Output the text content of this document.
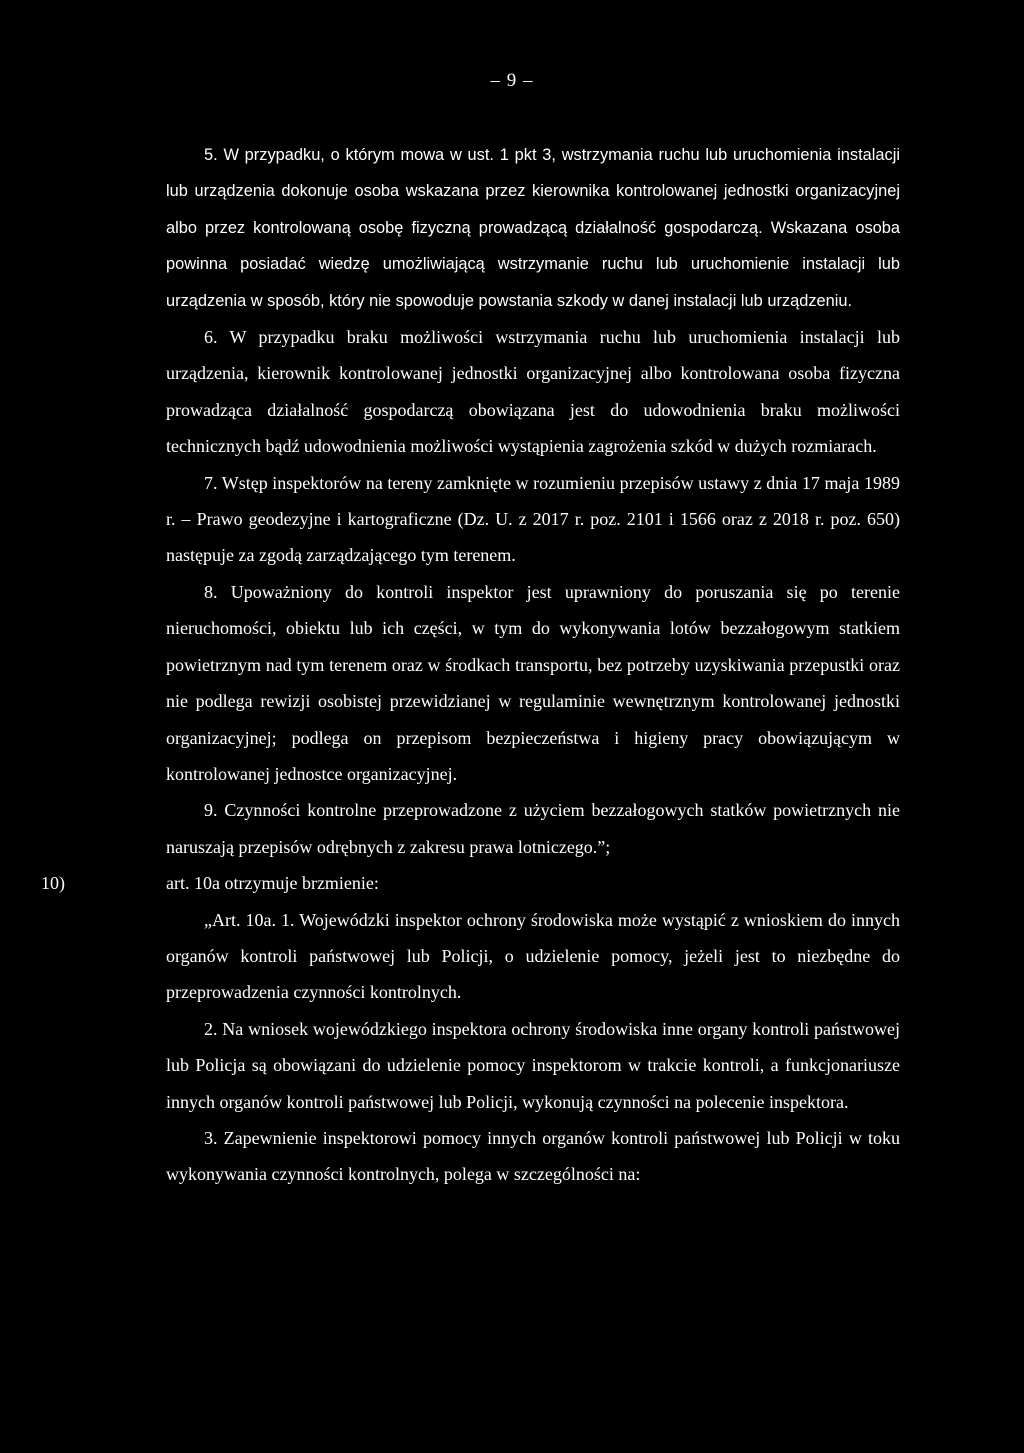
– 9 –

5. W przypadku, o którym mowa w ust. 1 pkt 3, wstrzymania ruchu lub uruchomienia instalacji lub urządzenia dokonuje osoba wskazana przez kierownika kontrolowanej jednostki organizacyjnej albo przez kontrolowaną osobę fizyczną prowadzącą działalność gospodarczą. Wskazana osoba powinna posiadać wiedzę umożliwiającą wstrzymanie ruchu lub uruchomienie instalacji lub urządzenia w sposób, który nie spowoduje powstania szkody w danej instalacji lub urządzeniu.

6. W przypadku braku możliwości wstrzymania ruchu lub uruchomienia instalacji lub urządzenia, kierownik kontrolowanej jednostki organizacyjnej albo kontrolowana osoba fizyczna prowadząca działalność gospodarczą obowiązana jest do udowodnienia braku możliwości technicznych bądź udowodnienia możliwości wystąpienia zagrożenia szkód w dużych rozmiarach.

7. Wstęp inspektorów na tereny zamknięte w rozumieniu przepisów ustawy z dnia 17 maja 1989 r. – Prawo geodezyjne i kartograficzne (Dz. U. z 2017 r. poz. 2101 i 1566 oraz z 2018 r. poz. 650) następuje za zgodą zarządzającego tym terenem.

8. Upoważniony do kontroli inspektor jest uprawniony do poruszania się po terenie nieruchomości, obiektu lub ich części, w tym do wykonywania lotów bezzałogowym statkiem powietrznym nad tym terenem oraz w środkach transportu, bez potrzeby uzyskiwania przepustki oraz nie podlega rewizji osobistej przewidzianej w regulaminie wewnętrznym kontrolowanej jednostki organizacyjnej; podlega on przepisom bezpieczeństwa i higieny pracy obowiązującym w kontrolowanej jednostce organizacyjnej.

9. Czynności kontrolne przeprowadzone z użyciem bezzałogowych statków powietrznych nie naruszają przepisów odrębnych z zakresu prawa lotniczego.”;

10)	art. 10a otrzymuje brzmienie:

„Art. 10a. 1. Wojewódzki inspektor ochrony środowiska może wystąpić z wnioskiem do innych organów kontroli państwowej lub Policji, o udzielenie pomocy, jeżeli jest to niezbędne do przeprowadzenia czynności kontrolnych.

2. Na wniosek wojewódzkiego inspektora ochrony środowiska inne organy kontroli państwowej lub Policja są obowiązani do udzielenie pomocy inspektorom w trakcie kontroli, a funkcjonariusze innych organów kontroli państwowej lub Policji, wykonują czynności na polecenie inspektora.

3. Zapewnienie inspektorowi pomocy innych organów kontroli państwowej lub Policji w toku wykonywania czynności kontrolnych, polega w szczególności na:
